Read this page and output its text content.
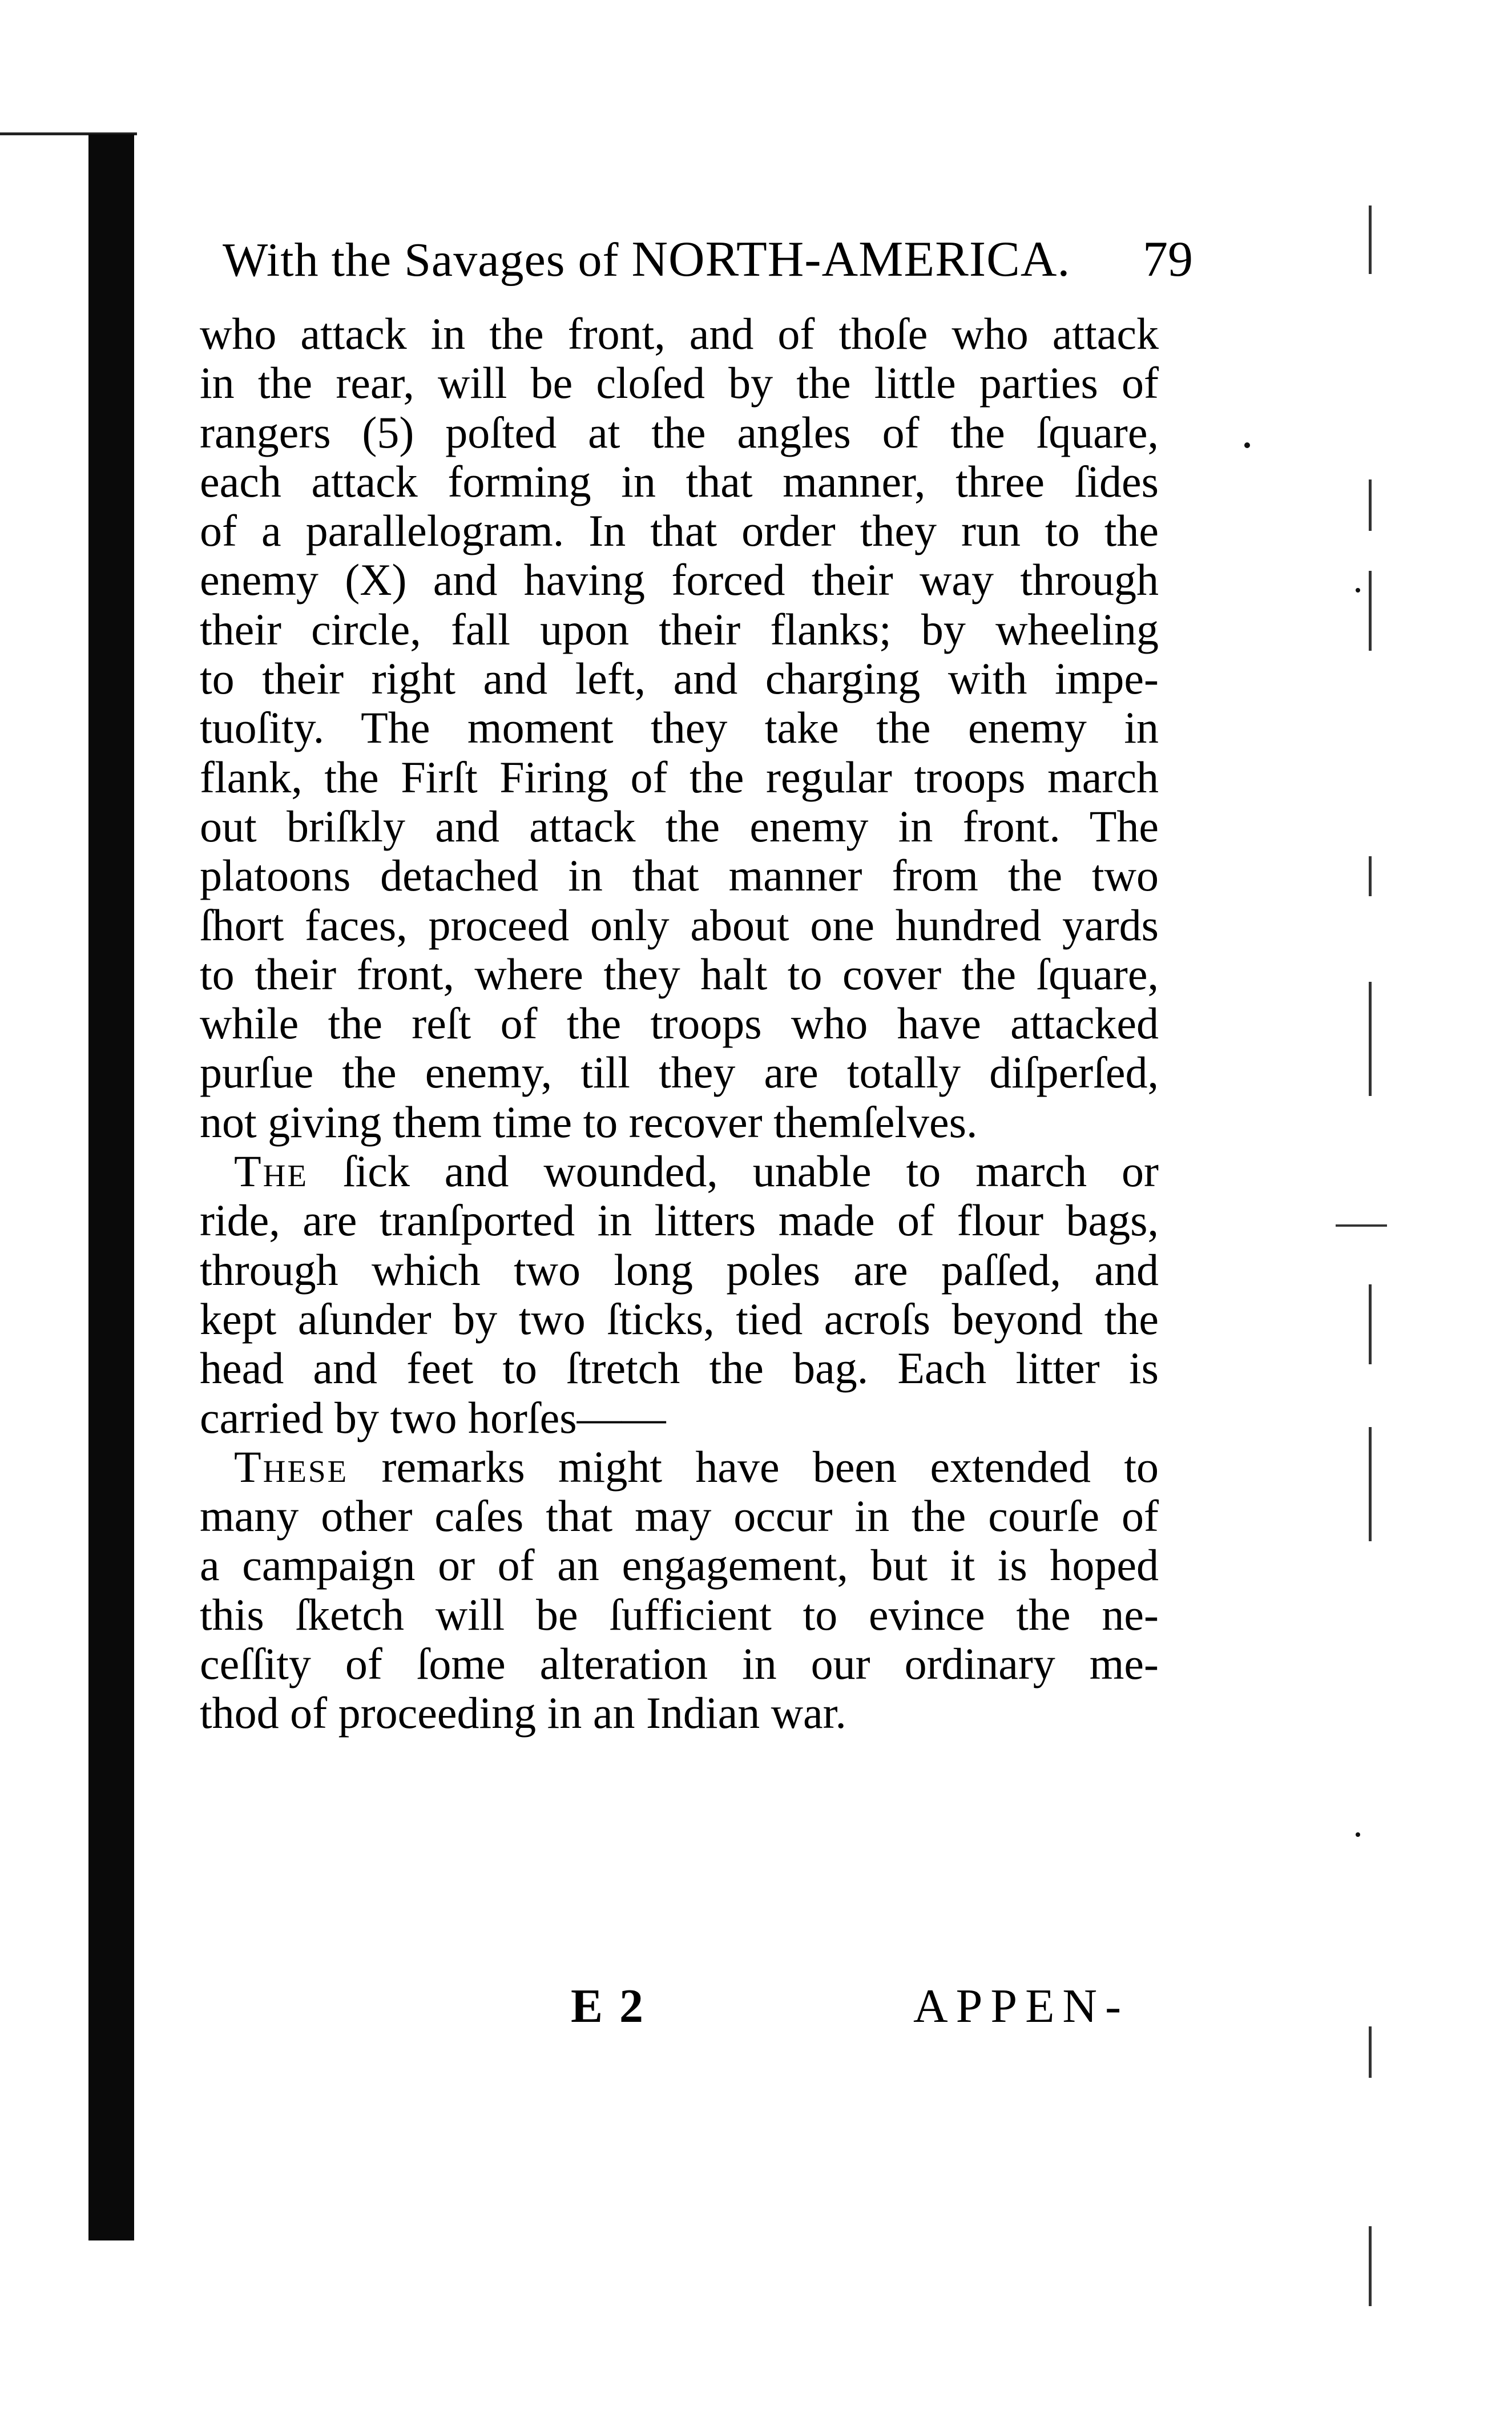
With the Savages of NORTH-AMERICA. 79
who attack in the front, and of thoſe who attack
in the rear, will be cloſed by the little parties of
rangers (5) poſted at the angles of the ſquare,
each attack forming in that manner, three ſides
of a parallelogram. In that order they run to the
enemy (X) and having forced their way through
their circle, fall upon their flanks; by wheeling
to their right and left, and charging with impe-
tuoſity. The moment they take the enemy in
flank, the Firſt Firing of the regular troops march
out briſkly and attack the enemy in front. The
platoons detached in that manner from the two
ſhort faces, proceed only about one hundred yards
to their front, where they halt to cover the ſquare,
while the reſt of the troops who have attacked
purſue the enemy, till they are totally diſperſed,
not giving them time to recover themſelves.
The ſick and wounded, unable to march or
ride, are tranſported in litters made of flour bags,
through which two long poles are paſſed, and
kept aſunder by two ſticks, tied acroſs beyond the
head and feet to ſtretch the bag. Each litter is
carried by two horſes——
These remarks might have been extended to
many other caſes that may occur in the courſe of
a campaign or of an engagement, but it is hoped
this ſketch will be ſufficient to evince the ne-
ceſſity of ſome alteration in our ordinary me-
thod of proceeding in an Indian war.
E 2	APPEN-
